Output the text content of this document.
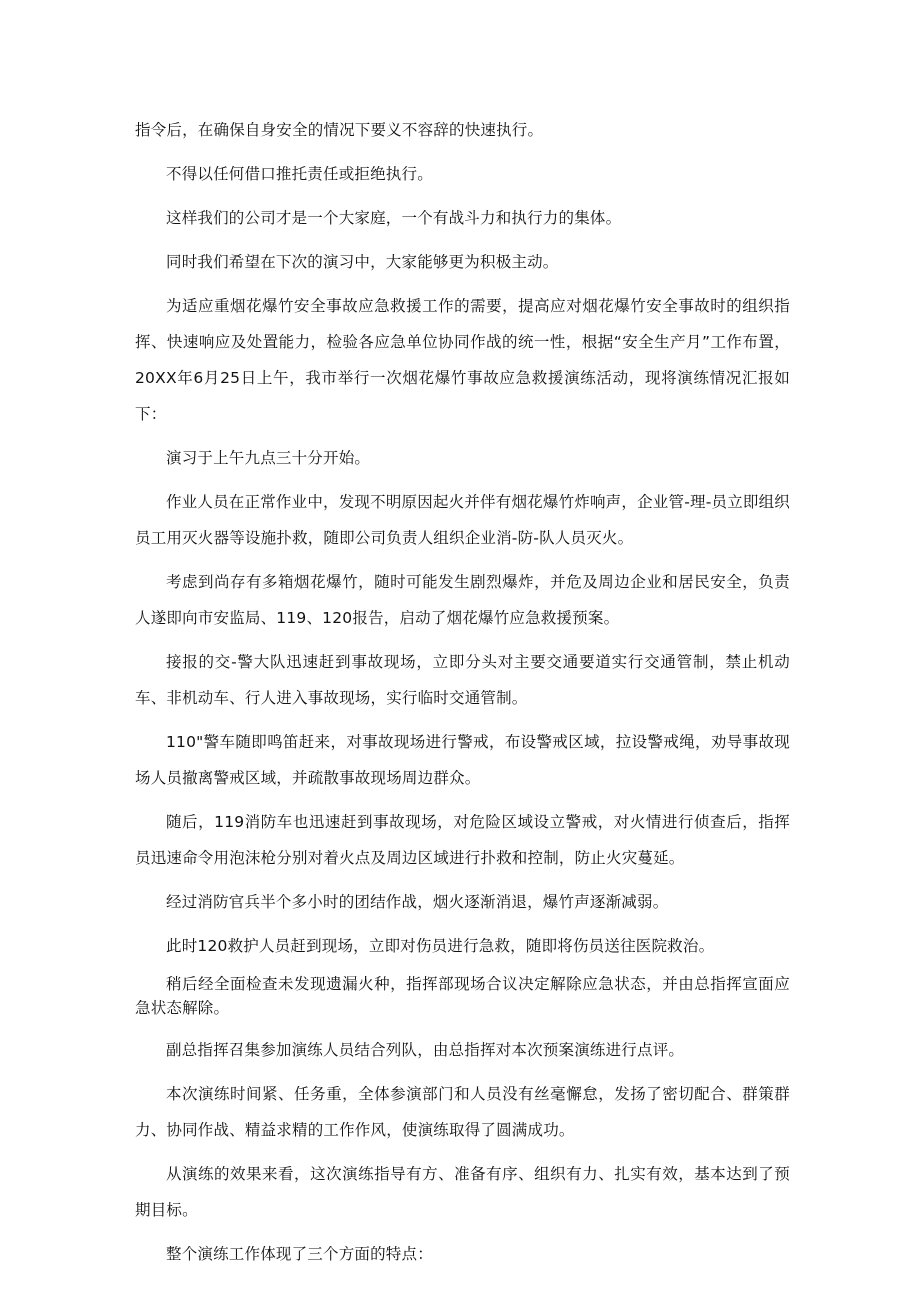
指令后，在确保自身安全的情况下要义不容辞的快速执行。

不得以任何借口推托责任或拒绝执行。

这样我们的公司才是一个大家庭，一个有战斗力和执行力的集体。

同时我们希望在下次的演习中，大家能够更为积极主动。

为适应重烟花爆竹安全事故应急救援工作的需要，提高应对烟花爆竹安全事故时的组织指挥、快速响应及处置能力，检验各应急单位协同作战的统一性，根据“安全生产月”工作布置，20XX年6月25日上午，我市举行一次烟花爆竹事故应急救援演练活动，现将演练情况汇报如下：

演习于上午九点三十分开始。

作业人员在正常作业中，发现不明原因起火并伴有烟花爆竹炸响声，企业管-理-员立即组织员工用灭火器等设施扑救，随即公司负责人组织企业消-防-队人员灭火。

考虑到尚存有多箱烟花爆竹，随时可能发生剧烈爆炸，并危及周边企业和居民安全，负责人遂即向市安监局、119、120报告，启动了烟花爆竹应急救援预案。

接报的交-警大队迅速赶到事故现场，立即分头对主要交通要道实行交通管制，禁止机动车、非机动车、行人进入事故现场，实行临时交通管制。

110"警车随即鸣笛赶来，对事故现场进行警戒，布设警戒区域，拉设警戒绳，劝导事故现场人员撤离警戒区域，并疏散事故现场周边群众。

随后，119消防车也迅速赶到事故现场，对危险区域设立警戒，对火情进行侦查后，指挥员迅速命令用泡沫枪分别对着火点及周边区域进行扑救和控制，防止火灾蔓延。

经过消防官兵半个多小时的团结作战，烟火逐渐消退，爆竹声逐渐减弱。

此时120救护人员赶到现场，立即对伤员进行急救，随即将伤员送往医院救治。

稍后经全面检查未发现遗漏火种，指挥部现场合议决定解除应急状态，并由总指挥宣面应急状态解除。

副总指挥召集参加演练人员结合列队，由总指挥对本次预案演练进行点评。

本次演练时间紧、任务重，全体参演部门和人员没有丝毫懈怠，发扬了密切配合、群策群力、协同作战、精益求精的工作作风，使演练取得了圆满成功。

从演练的效果来看，这次演练指导有方、准备有序、组织有力、扎实有效，基本达到了预期目标。

整个演练工作体现了三个方面的特点：
